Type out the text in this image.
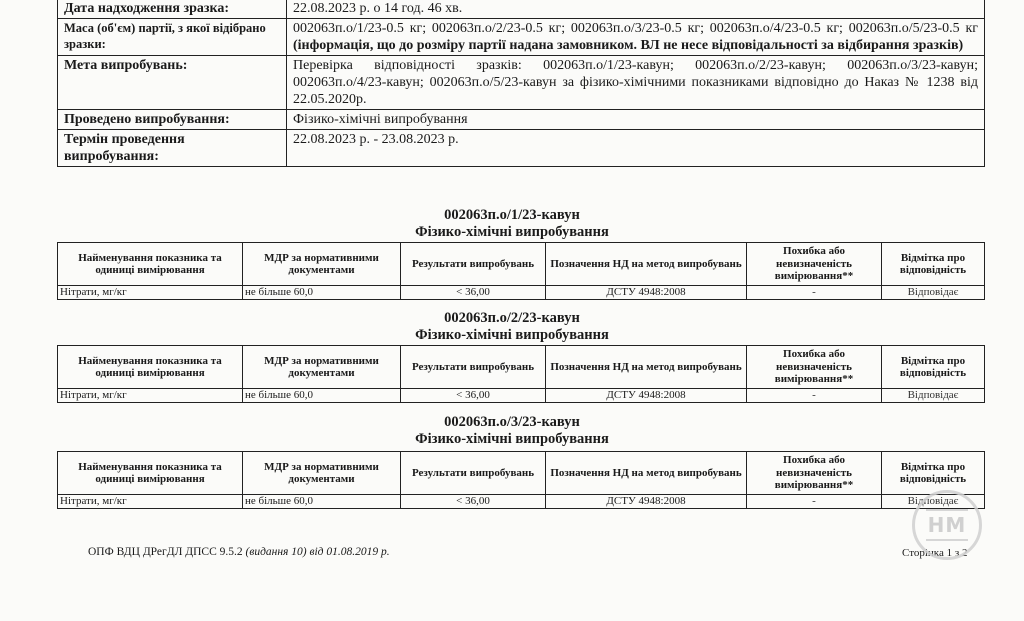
Дата надходження зразка:	22.08.2023 р. о 14 год. 46 хв.
Маса (об'єм) партії, з якої відібрано зразки:	002063п.о/1/23-0.5 кг; 002063п.о/2/23-0.5 кг; 002063п.о/3/23-0.5 кг; 002063п.о/4/23-0.5 кг; 002063п.о/5/23-0.5 кг (інформація, що до розміру партії надана замовником. ВЛ не несе відповідальності за відбирання зразків)
Мета випробувань:	Перевірка відповідності зразків: 002063п.о/1/23-кавун; 002063п.о/2/23-кавун; 002063п.о/3/23-кавун; 002063п.о/4/23-кавун; 002063п.о/5/23-кавун за фізико-хімічними показниками відповідно до Наказ № 1238 від 22.05.2020р.
Проведено випробування:	Фізико-хімічні випробування
Термін проведення випробування:	22.08.2023 р. - 23.08.2023 р.
002063п.о/1/23-кавун
Фізико-хімічні випробування
Найменування показника та одиниці вимірювання	МДР за нормативними документами	Результати випробувань	Позначення НД на метод випробувань	Похибка або невизначеність вимірювання**	Відмітка про відповідність
Нітрати, мг/кг	не більше 60,0	< 36,00	ДСТУ 4948:2008	-	Відповідає
002063п.о/2/23-кавун
Фізико-хімічні випробування
Найменування показника та одиниці вимірювання	МДР за нормативними документами	Результати випробувань	Позначення НД на метод випробувань	Похибка або невизначеність вимірювання**	Відмітка про відповідність
Нітрати, мг/кг	не більше 60,0	< 36,00	ДСТУ 4948:2008	-	Відповідає
002063п.о/3/23-кавун
Фізико-хімічні випробування
Найменування показника та одиниці вимірювання	МДР за нормативними документами	Результати випробувань	Позначення НД на метод випробувань	Похибка або невизначеність вимірювання**	Відмітка про відповідність
Нітрати, мг/кг	не більше 60,0	< 36,00	ДСТУ 4948:2008	-	Відповідає
ОПФ ВДЦ ДРегДЛ ДПСС 9.5.2 (видання 10) від 01.08.2019 р.	Сторінка 1 з 2
НМ
